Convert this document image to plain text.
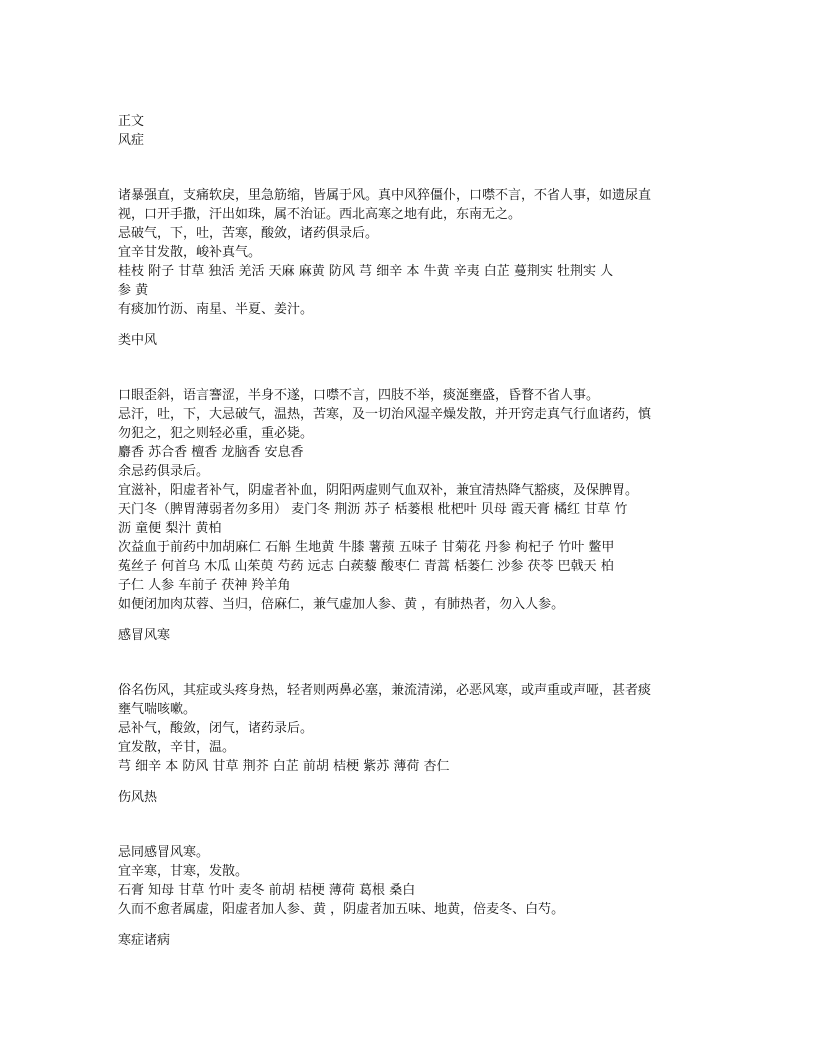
正文
风症
诸暴强直，支痛软戾，里急筋缩，皆属于风。真中风猝僵仆，口噤不言，不省人事，如遗尿直
视，口开手撒，汗出如珠，属不治证。西北高寒之地有此，东南无之。
忌破气，下，吐，苦寒，酸敛，诸药俱录后。
宜辛甘发散，峻补真气。
桂枝 附子 甘草 独活 羌活 天麻 麻黄 防风 芎 细辛 本 牛黄 辛夷 白芷 蔓荆实 牡荆实 人
参 黄
有痰加竹沥、南星、半夏、姜汁。
类中风
口眼歪斜，语言謇涩，半身不遂，口噤不言，四肢不举，痰涎壅盛，昏瞀不省人事。
忌汗，吐，下，大忌破气，温热，苦寒，及一切治风湿辛燥发散，并开窍走真气行血诸药，慎
勿犯之，犯之则轻必重，重必毙。
麝香 苏合香 檀香 龙脑香 安息香
余忌药俱录后。
宜滋补，阳虚者补气，阴虚者补血，阴阳两虚则气血双补，兼宜清热降气豁痰，及保脾胃。
天门冬（脾胃薄弱者勿多用） 麦门冬 荆沥 苏子 栝蒌根 枇杷叶 贝母 霞天膏 橘红 甘草 竹
沥 童便 梨汁 黄柏
次益血于前药中加胡麻仁 石斛 生地黄 牛膝 薯蓣 五味子 甘菊花 丹参 枸杞子 竹叶 鳖甲
菟丝子 何首乌 木瓜 山茱萸 芍药 远志 白蒺藜 酸枣仁 青蒿 栝蒌仁 沙参 茯苓 巴戟天 柏
子仁 人参 车前子 茯神 羚羊角
如便闭加肉苁蓉、当归，倍麻仁，兼气虚加人参、黄 ，有肺热者，勿入人参。
感冒风寒
俗名伤风，其症或头疼身热，轻者则两鼻必塞，兼流清涕，必恶风寒，或声重或声哑，甚者痰
壅气喘咳嗽。
忌补气，酸敛，闭气，诸药录后。
宜发散，辛甘，温。
芎 细辛 本 防风 甘草 荆芥 白芷 前胡 桔梗 紫苏 薄荷 杏仁
伤风热
忌同感冒风寒。
宜辛寒，甘寒，发散。
石膏 知母 甘草 竹叶 麦冬 前胡 桔梗 薄荷 葛根 桑白
久而不愈者属虚，阳虚者加人参、黄 ，阴虚者加五味、地黄，倍麦冬、白芍。
寒症诸病
